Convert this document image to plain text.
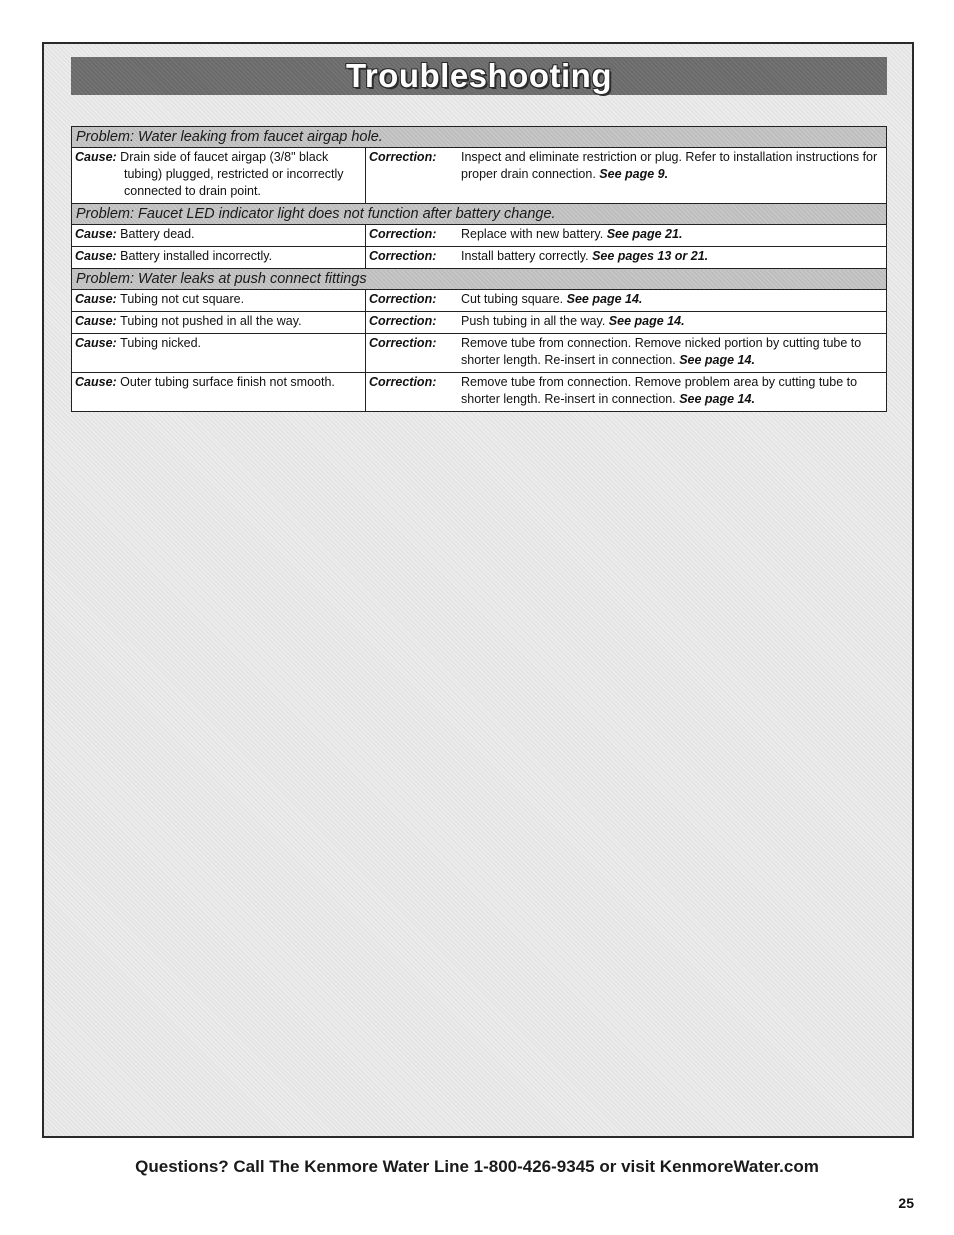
Troubleshooting
Problem: Water leaking from faucet airgap hole.	
Cause: Drain side of faucet airgap (3/8" black tubing) plugged, restricted or incorrectly connected to drain point.	Correction: Inspect and eliminate restriction or plug. Refer to installation instructions for proper drain connection. See page 9.
Problem: Faucet LED indicator light does not function after battery change.	
Cause: Battery dead.	Correction: Replace with new battery. See page 21.
Cause: Battery installed incorrectly.	Correction: Install battery correctly. See pages 13 or 21.
Problem: Water leaks at push connect fittings	
Cause: Tubing not cut square.	Correction: Cut tubing square. See page 14.
Cause: Tubing not pushed in all the way.	Correction: Push tubing in all the way. See page 14.
Cause: Tubing nicked.	Correction: Remove tube from connection. Remove nicked portion by cutting tube to shorter length. Re-insert in connection. See page 14.
Cause: Outer tubing surface finish not smooth.	Correction: Remove tube from connection. Remove problem area by cutting tube to shorter length. Re-insert in connection. See page 14.
Questions? Call The Kenmore Water Line 1-800-426-9345 or visit KenmoreWater.com
25
